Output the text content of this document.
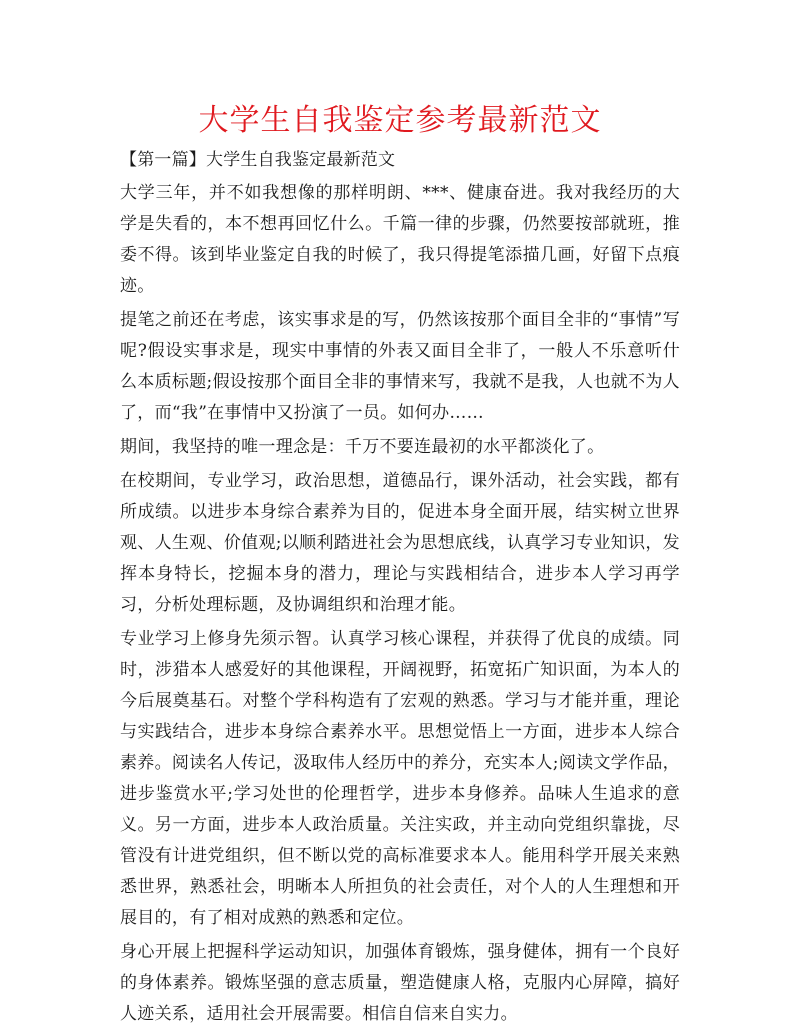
大学生自我鉴定参考最新范文
【第一篇】大学生自我鉴定最新范文

大学三年，并不如我想像的那样明朗、***、健康奋进。我对我经历的大学是失看的，本不想再回忆什么。千篇一律的步骤，仍然要按部就班，推委不得。该到毕业鉴定自我的时候了，我只得提笔添描几画，好留下点痕迹。

提笔之前还在考虑，该实事求是的写，仍然该按那个面目全非的“事情”写呢?假设实事求是，现实中事情的外表又面目全非了，一般人不乐意听什么本质标题;假设按那个面目全非的事情来写，我就不是我，人也就不为人了，而“我”在事情中又扮演了一员。如何办……

期间，我坚持的唯一理念是：千万不要连最初的水平都淡化了。

在校期间，专业学习，政治思想，道德品行，课外活动，社会实践，都有所成绩。以进步本身综合素养为目的，促进本身全面开展，结实树立世界观、人生观、价值观;以顺利踏进社会为思想底线，认真学习专业知识，发挥本身特长，挖掘本身的潜力，理论与实践相结合，进步本人学习再学习，分析处理标题，及协调组织和治理才能。

专业学习上修身先须示智。认真学习核心课程，并获得了优良的成绩。同时，涉猎本人感爱好的其他课程，开阔视野，拓宽拓广知识面，为本人的今后展奠基石。对整个学科构造有了宏观的熟悉。学习与才能并重，理论与实践结合，进步本身综合素养水平。思想觉悟上一方面，进步本人综合素养。阅读名人传记，汲取伟人经历中的养分，充实本人;阅读文学作品，进步鉴赏水平;学习处世的伦理哲学，进步本身修养。品味人生追求的意义。另一方面，进步本人政治质量。关注实政，并主动向党组织靠拢，尽管没有计进党组织，但不断以党的高标准要求本人。能用科学开展关来熟悉世界，熟悉社会，明晰本人所担负的社会责任，对个人的人生理想和开展目的，有了相对成熟的熟悉和定位。

身心开展上把握科学运动知识，加强体育锻炼，强身健体，拥有一个良好的身体素养。锻炼坚强的意志质量，塑造健康人格，克服内心屏障，搞好人迹关系，适用社会开展需要。相信自信来自实力。
